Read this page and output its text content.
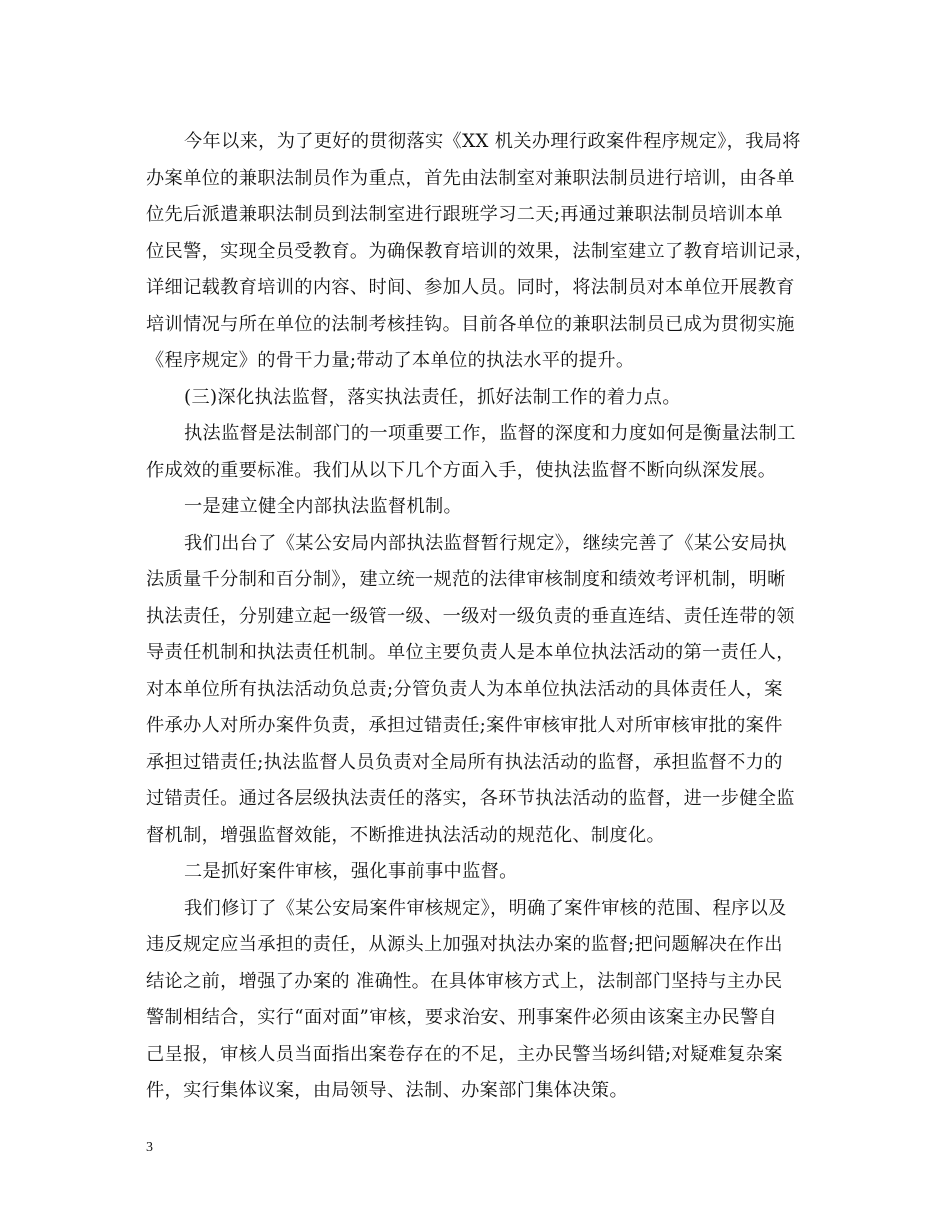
今年以来，为了更好的贯彻落实《XX 机关办理行政案件程序规定》，我局将
办案单位的兼职法制员作为重点，首先由法制室对兼职法制员进行培训，由各单
位先后派遣兼职法制员到法制室进行跟班学习二天;再通过兼职法制员培训本单
位民警，实现全员受教育。为确保教育培训的效果，法制室建立了教育培训记录，
详细记载教育培训的内容、时间、参加人员。同时，将法制员对本单位开展教育
培训情况与所在单位的法制考核挂钩。目前各单位的兼职法制员已成为贯彻实施
《程序规定》的骨干力量;带动了本单位的执法水平的提升。
(三)深化执法监督，落实执法责任，抓好法制工作的着力点。
执法监督是法制部门的一项重要工作，监督的深度和力度如何是衡量法制工
作成效的重要标准。我们从以下几个方面入手，使执法监督不断向纵深发展。
一是建立健全内部执法监督机制。
我们出台了《某公安局内部执法监督暂行规定》，继续完善了《某公安局执
法质量千分制和百分制》，建立统一规范的法律审核制度和绩效考评机制，明晰
执法责任，分别建立起一级管一级、一级对一级负责的垂直连结、责任连带的领
导责任机制和执法责任机制。单位主要负责人是本单位执法活动的第一责任人，
对本单位所有执法活动负总责;分管负责人为本单位执法活动的具体责任人，案
件承办人对所办案件负责，承担过错责任;案件审核审批人对所审核审批的案件
承担过错责任;执法监督人员负责对全局所有执法活动的监督，承担监督不力的
过错责任。通过各层级执法责任的落实，各环节执法活动的监督，进一步健全监
督机制，增强监督效能，不断推进执法活动的规范化、制度化。
二是抓好案件审核，强化事前事中监督。
我们修订了《某公安局案件审核规定》，明确了案件审核的范围、程序以及
违反规定应当承担的责任，从源头上加强对执法办案的监督;把问题解决在作出
结论之前，增强了办案的 准确性。在具体审核方式上，法制部门坚持与主办民
警制相结合，实行“面对面”审核，要求治安、刑事案件必须由该案主办民警自
己呈报，审核人员当面指出案卷存在的不足，主办民警当场纠错;对疑难复杂案
件，实行集体议案，由局领导、法制、办案部门集体决策。
3
